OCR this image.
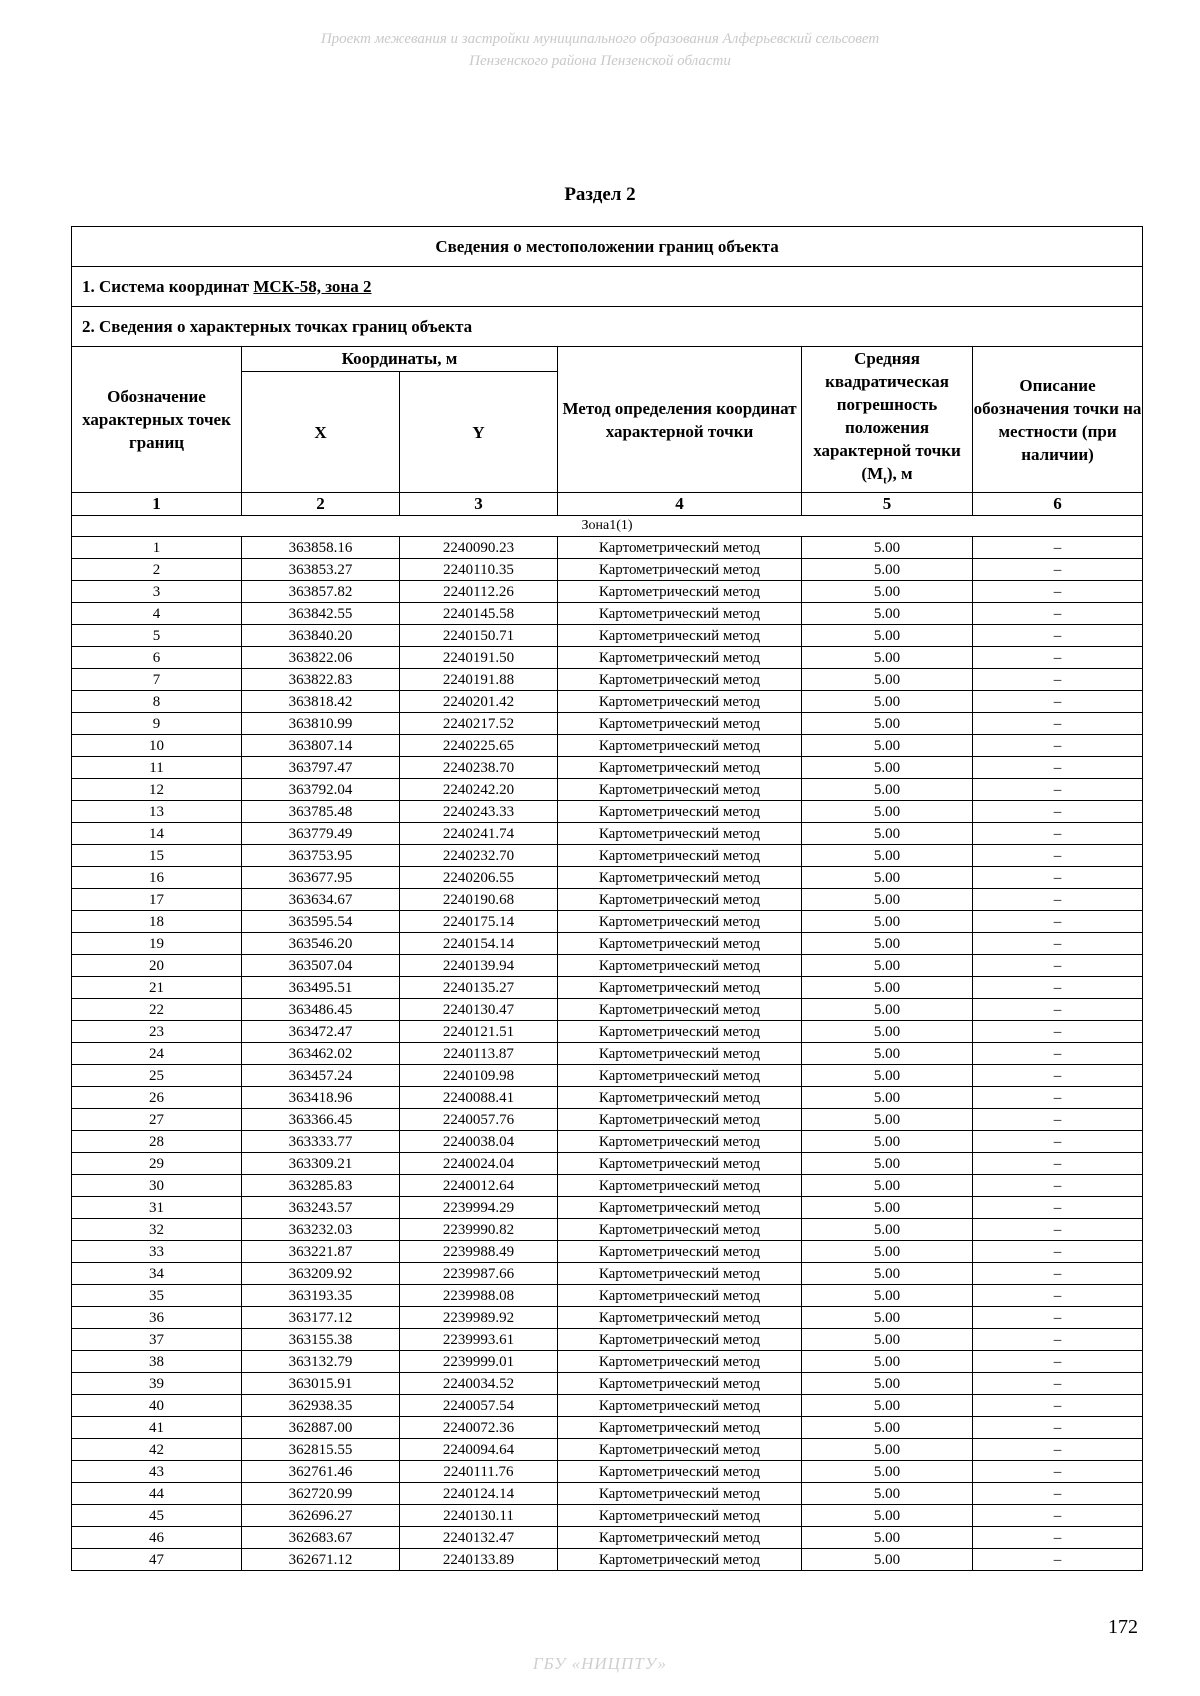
Проект межевания и застройки муниципального образования Алферьевский сельсовет
Пензенского района Пензенской области
Раздел 2
Сведения о местоположении границ объекта					
1. Система координат МСК-58, зона 2					
2. Сведения о характерных точках границ объекта					
Обозначение характерных точек границ	Координаты, м		Метод определения координат характерной точки	Средняя квадратическая погрешность положения характерной точки $(M_t)$, м	Описание обозначения точки на местности (при наличии)
	X	Y			
1	2	3	4	5	6
Зона1(1)					
1	363858.16	2240090.23	Картометрический метод	5.00	–
2	363853.27	2240110.35	Картометрический метод	5.00	–
3	363857.82	2240112.26	Картометрический метод	5.00	–
4	363842.55	2240145.58	Картометрический метод	5.00	–
5	363840.20	2240150.71	Картометрический метод	5.00	–
6	363822.06	2240191.50	Картометрический метод	5.00	–
7	363822.83	2240191.88	Картометрический метод	5.00	–
8	363818.42	2240201.42	Картометрический метод	5.00	–
9	363810.99	2240217.52	Картометрический метод	5.00	–
10	363807.14	2240225.65	Картометрический метод	5.00	–
11	363797.47	2240238.70	Картометрический метод	5.00	–
12	363792.04	2240242.20	Картометрический метод	5.00	–
13	363785.48	2240243.33	Картометрический метод	5.00	–
14	363779.49	2240241.74	Картометрический метод	5.00	–
15	363753.95	2240232.70	Картометрический метод	5.00	–
16	363677.95	2240206.55	Картометрический метод	5.00	–
17	363634.67	2240190.68	Картометрический метод	5.00	–
18	363595.54	2240175.14	Картометрический метод	5.00	–
19	363546.20	2240154.14	Картометрический метод	5.00	–
20	363507.04	2240139.94	Картометрический метод	5.00	–
21	363495.51	2240135.27	Картометрический метод	5.00	–
22	363486.45	2240130.47	Картометрический метод	5.00	–
23	363472.47	2240121.51	Картометрический метод	5.00	–
24	363462.02	2240113.87	Картометрический метод	5.00	–
25	363457.24	2240109.98	Картометрический метод	5.00	–
26	363418.96	2240088.41	Картометрический метод	5.00	–
27	363366.45	2240057.76	Картометрический метод	5.00	–
28	363333.77	2240038.04	Картометрический метод	5.00	–
29	363309.21	2240024.04	Картометрический метод	5.00	–
30	363285.83	2240012.64	Картометрический метод	5.00	–
31	363243.57	2239994.29	Картометрический метод	5.00	–
32	363232.03	2239990.82	Картометрический метод	5.00	–
33	363221.87	2239988.49	Картометрический метод	5.00	–
34	363209.92	2239987.66	Картометрический метод	5.00	–
35	363193.35	2239988.08	Картометрический метод	5.00	–
36	363177.12	2239989.92	Картометрический метод	5.00	–
37	363155.38	2239993.61	Картометрический метод	5.00	–
38	363132.79	2239999.01	Картометрический метод	5.00	–
39	363015.91	2240034.52	Картометрический метод	5.00	–
40	362938.35	2240057.54	Картометрический метод	5.00	–
41	362887.00	2240072.36	Картометрический метод	5.00	–
42	362815.55	2240094.64	Картометрический метод	5.00	–
43	362761.46	2240111.76	Картометрический метод	5.00	–
44	362720.99	2240124.14	Картометрический метод	5.00	–
45	362696.27	2240130.11	Картометрический метод	5.00	–
46	362683.67	2240132.47	Картометрический метод	5.00	–
47	362671.12	2240133.89	Картометрический метод	5.00	–
172
ГБУ «НИЦПТУ»
